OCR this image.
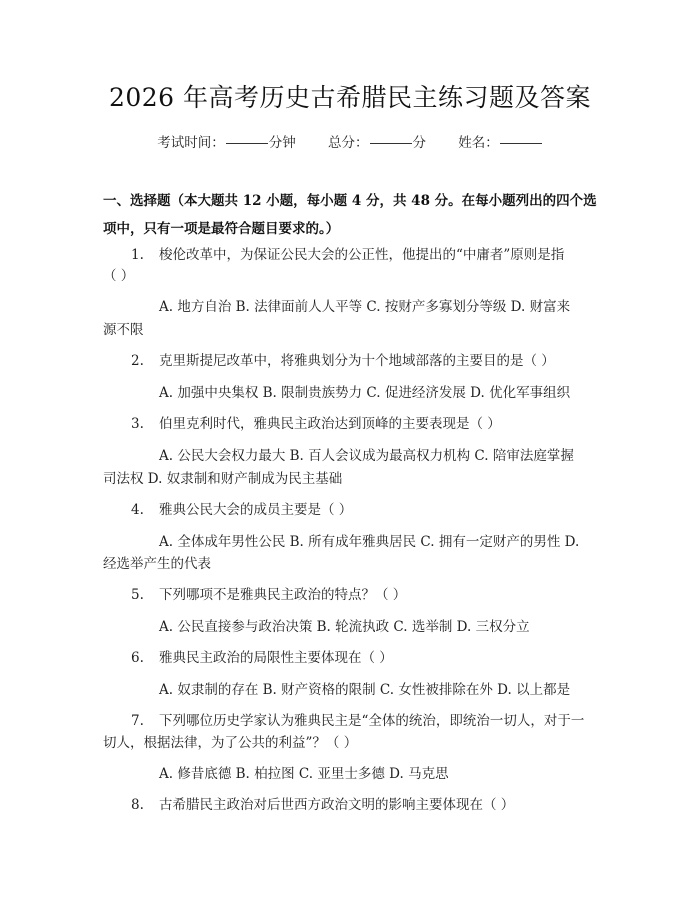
2026 年高考历史古希腊民主练习题及答案
考试时间：	分钟 总分：	分 姓名：
一、选择题（本大题共 12 小题，每小题 4 分，共 48 分。在每小题列出的四个选项中，只有一项是最符合题目要求的。）
1. 梭伦改革中，为保证公民大会的公正性，他提出的“中庸者”原则是指
（ ）
A. 地方自治 B. 法律面前人人平等 C. 按财产多寡划分等级 D. 财富来
源不限
2. 克里斯提尼改革中，将雅典划分为十个地域部落的主要目的是（ ）
A. 加强中央集权 B. 限制贵族势力 C. 促进经济发展 D. 优化军事组织
3. 伯里克利时代，雅典民主政治达到顶峰的主要表现是（ ）
A. 公民大会权力最大 B. 百人会议成为最高权力机构 C. 陪审法庭掌握
司法权 D. 奴隶制和财产制成为民主基础
4. 雅典公民大会的成员主要是（ ）
A. 全体成年男性公民 B. 所有成年雅典居民 C. 拥有一定财产的男性 D.
经选举产生的代表
5. 下列哪项不是雅典民主政治的特点？（ ）
A. 公民直接参与政治决策 B. 轮流执政 C. 选举制 D. 三权分立
6. 雅典民主政治的局限性主要体现在（ ）
A. 奴隶制的存在 B. 财产资格的限制 C. 女性被排除在外 D. 以上都是
7. 下列哪位历史学家认为雅典民主是“全体的统治，即统治一切人，对于一
切人，根据法律，为了公共的利益”？（ ）
A. 修昔底德 B. 柏拉图 C. 亚里士多德 D. 马克思
8. 古希腊民主政治对后世西方政治文明的影响主要体现在（ ）
